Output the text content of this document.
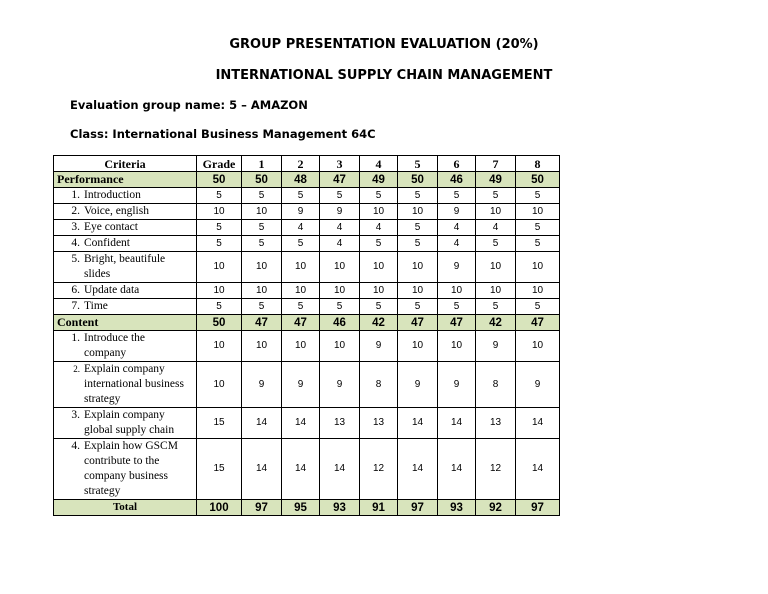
GROUP PRESENTATION EVALUATION (20%)
INTERNATIONAL SUPPLY CHAIN MANAGEMENT
Evaluation group name: 5 – AMAZON
Class: International Business Management 64C
Criteria	Grade	1	2	3	4	5	6	7	8
Performance	50	50	48	47	49	50	46	49	50
1. Introduction	5	5	5	5	5	5	5	5	5
2. Voice, english	10	10	9	9	10	10	9	10	10
3. Eye contact	5	5	4	4	4	5	4	4	5
4. Confident	5	5	5	4	5	5	4	5	5
5. Bright, beautifule slides	10	10	10	10	10	10	9	10	10
6. Update data	10	10	10	10	10	10	10	10	10
7. Time	5	5	5	5	5	5	5	5	5
Content	50	47	47	46	42	47	47	42	47
1. Introduce the company	10	10	10	10	9	10	10	9	10
2. Explain company international business strategy	10	9	9	9	8	9	9	8	9
3. Explain company global supply chain	15	14	14	13	13	14	14	13	14
4. Explain how GSCM contribute to the company business strategy	15	14	14	14	12	14	14	12	14
Total	100	97	95	93	91	97	93	92	97
